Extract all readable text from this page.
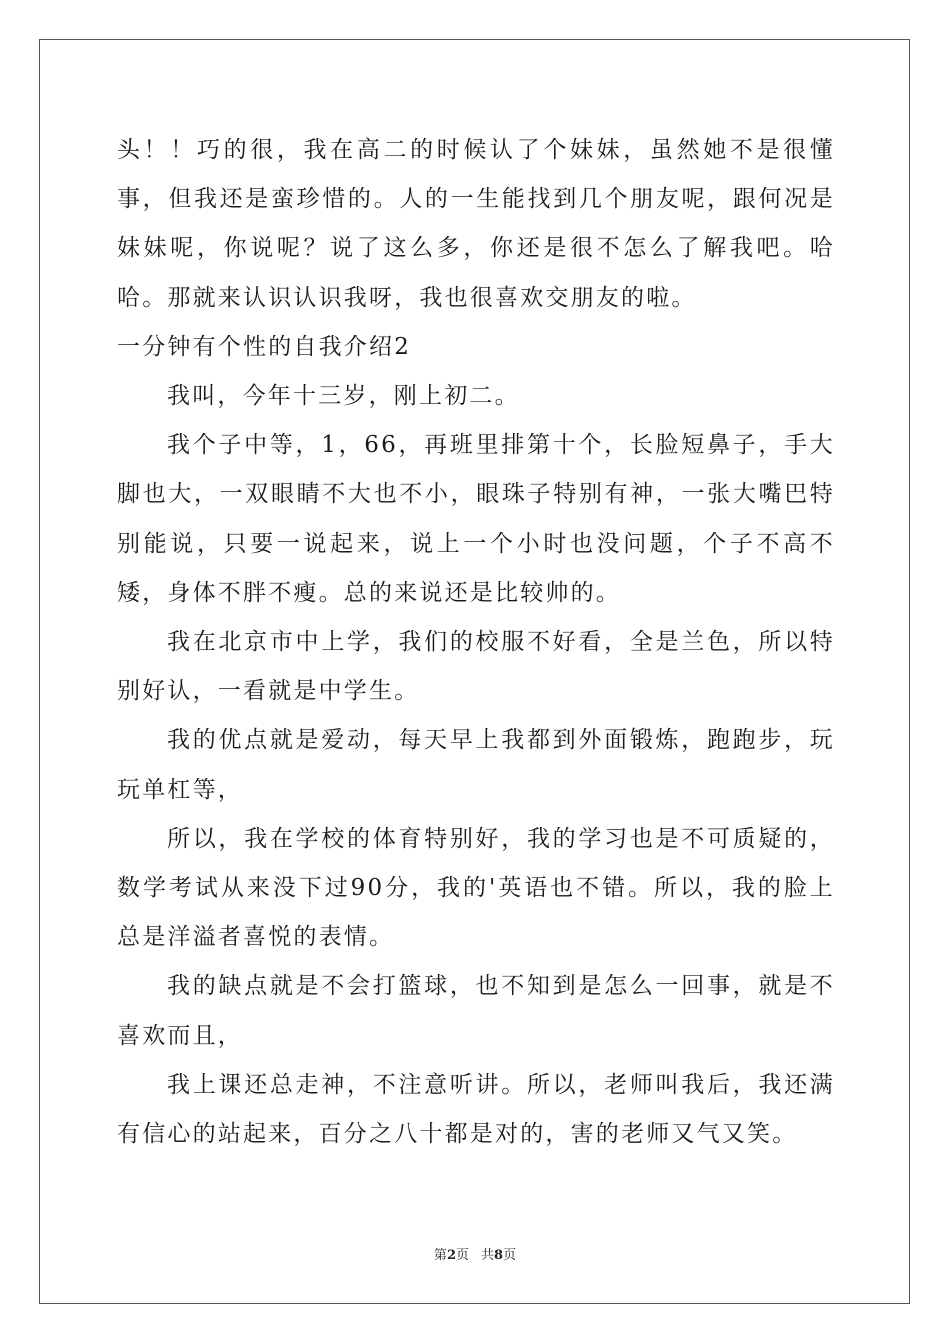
头！！巧的很，我在高二的时候认了个妹妹，虽然她不是很懂事，但我还是蛮珍惜的。人的一生能找到几个朋友呢，跟何况是妹妹呢，你说呢？说了这么多，你还是很不怎么了解我吧。哈哈。那就来认识认识我呀，我也很喜欢交朋友的啦。

一分钟有个性的自我介绍2

我叫，今年十三岁，刚上初二。

我个子中等，1，66，再班里排第十个，长脸短鼻子，手大脚也大，一双眼睛不大也不小，眼珠子特别有神，一张大嘴巴特别能说，只要一说起来，说上一个小时也没问题，个子不高不矮，身体不胖不瘦。总的来说还是比较帅的。

我在北京市中上学，我们的校服不好看，全是兰色，所以特别好认，一看就是中学生。

我的优点就是爱动，每天早上我都到外面锻炼，跑跑步，玩玩单杠等，

所以，我在学校的体育特别好，我的学习也是不可质疑的，数学考试从来没下过90分，我的'英语也不错。所以，我的脸上总是洋溢者喜悦的表情。

我的缺点就是不会打篮球，也不知到是怎么一回事，就是不喜欢而且，

我上课还总走神，不注意听讲。所以，老师叫我后，我还满有信心的站起来，百分之八十都是对的，害的老师又气又笑。

第2页 共8页
